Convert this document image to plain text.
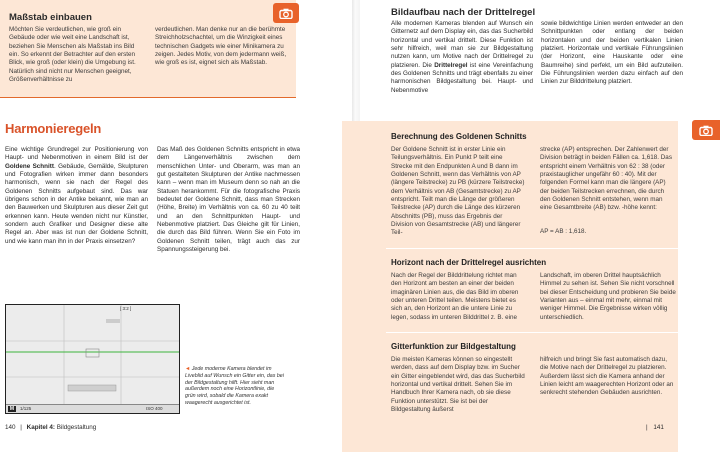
Maßstab einbauen
Möchten Sie verdeutlichen, wie groß ein Gebäude oder wie weit eine Landschaft ist, beziehen Sie Menschen als Maßstab ins Bild ein. So erkennt der Betrachter auf den ersten Blick, wie groß (oder klein) die Umgebung ist. Natürlich sind nicht nur Menschen geeignet, Größenverhältnisse zu
verdeutlichen. Man denke nur an die berühmte Streichholzschachtel, um die Winzigkeit eines technischen Gadgets wie einer Minikamera zu zeigen. Jedes Motiv, von dem jedermann weiß, wie groß es ist, eignet sich als Maßstab.
Harmonieregeln
Eine wichtige Grundregel zur Positionierung von Haupt- und Nebenmotiven in einem Bild ist der Goldene Schnitt. Gebäude, Gemälde, Skulpturen und Fotografien wirken immer dann besonders harmonisch, wenn sie nach der Regel des Goldenen Schnitts aufgebaut sind. Das war übrigens schon in der Antike bekannt, wie man an den Bauwerken und Skulpturen aus dieser Zeit gut erkennen kann. Heute wenden nicht nur Künstler, sondern auch Grafiker und Designer diese alte Regel an. Aber was ist nun der Goldene Schnitt, und wie kann man ihn in der Praxis einsetzen?
Das Maß des Goldenen Schnitts entspricht in etwa dem Längenverhältnis zwischen dem menschlichen Unter- und Oberarm, was man an gut gestalteten Skulpturen der Antike nachmessen kann – wenn man im Museum denn so nah an die Statuen herankommt. Für die fotografische Praxis bedeutet der Goldene Schnitt, dass man Strecken (Höhe, Breite) im Verhältnis von ca. 60 zu 40 teilt und an den Schnittpunkten Haupt- und Nebenmotive platziert. Das Gleiche gilt für Linien, die durch das Bild führen. Wenn Sie ein Foto im Goldenen Schnitt teilen, trägt auch das zur Spannungssteigerung bei.
[ 3:2 ]
M	1/125	ISO 400
◄ Jede moderne Kamera blendet im Liveblid auf Wunsch ein Gitter ein, das bei der Bildgestaltung hilft. Hier sieht man außerdem noch eine Horizontlinie, die grün wird, sobald die Kamera exakt waagerecht ausgerichtet ist.
140 | Kapitel 4: Bildgestaltung
Bildaufbau nach der Drittelregel
Alle modernen Kameras blenden auf Wunsch ein Gitternetz auf dem Display ein, das das Sucherbild horizontal und vertikal drittelt. Diese Funktion ist sehr hilfreich, weil man sie zur Bildgestaltung nutzen kann, um Motive nach der Drittelregel zu platzieren. Die Drittelregel ist eine Vereinfachung des Goldenen Schnitts und trägt ebenfalls zu einer harmonischen Bildgestaltung bei. Haupt- und Nebenmotive
sowie bildwichtige Linien werden entweder an den Schnittpunkten oder entlang der beiden horizontalen und der beiden vertikalen Linien platziert. Horizontale und vertikale Führungslinien (der Horizont, eine Hauskante oder eine Baumreihe) sind perfekt, um ein Bild aufzuteilen. Die Führungslinien werden dazu einfach auf den Linien zur Bilddrittelung platziert.
Berechnung des Goldenen Schnitts
Der Goldene Schnitt ist in erster Linie ein Teilungsverhältnis. Ein Punkt P teilt eine Strecke mit den Endpunkten A und B dann im Goldenen Schnitt, wenn das Verhältnis von AP (längere Teilstrecke) zu PB (kürzere Teilstrecke) dem Verhältnis von AB (Gesamtstrecke) zu AP entspricht. Teilt man die Länge der größeren Teilstrecke (AP) durch die Länge des kürzeren Abschnitts (PB), muss das Ergebnis der Division von Gesamtstrecke (AB) und längerer Teil-
strecke (AP) entsprechen. Der Zahlenwert der Division beträgt in beiden Fällen ca. 1,618. Das entspricht einem Verhältnis von 62 : 38 (oder praxistauglicher ungefähr 60 : 40). Mit der folgenden Formel kann man die längere (AP) der beiden Teilstrecken errechnen, die durch den Goldenen Schnitt entstehen, wenn man eine Gesamtbreite (AB) bzw. -höhe kennt:
AP = AB : 1,618.
Horizont nach der Drittelregel ausrichten
Nach der Regel der Bilddrittelung richtet man den Horizont am besten an einer der beiden imaginären Linien aus, die das Bild im oberen oder unteren Drittel teilen. Meistens bietet es sich an, den Horizont an die untere Linie zu legen, sodass im unteren Bilddrittel z. B. eine
Landschaft, im oberen Drittel hauptsächlich Himmel zu sehen ist. Sehen Sie nicht vorschnell bei dieser Entscheidung und probieren Sie beide Varianten aus – einmal mit mehr, einmal mit weniger Himmel. Die Ergebnisse wirken völlig unterschiedlich.
Gitterfunktion zur Bildgestaltung
Die meisten Kameras können so eingestellt werden, dass auf dem Display bzw. im Sucher ein Gitter eingeblendet wird, das das Sucherbild horizontal und vertikal drittelt. Sehen Sie im Handbuch Ihrer Kamera nach, ob sie diese Funktion unterstützt. Sie ist bei der Bildgestaltung äußerst
hilfreich und bringt Sie fast automatisch dazu, die Motive nach der Drittelregel zu platzieren. Außerdem lässt sich die Kamera anhand der Linien leicht am waagerechten Horizont oder an senkrecht stehenden Gebäuden ausrichten.
| 141
